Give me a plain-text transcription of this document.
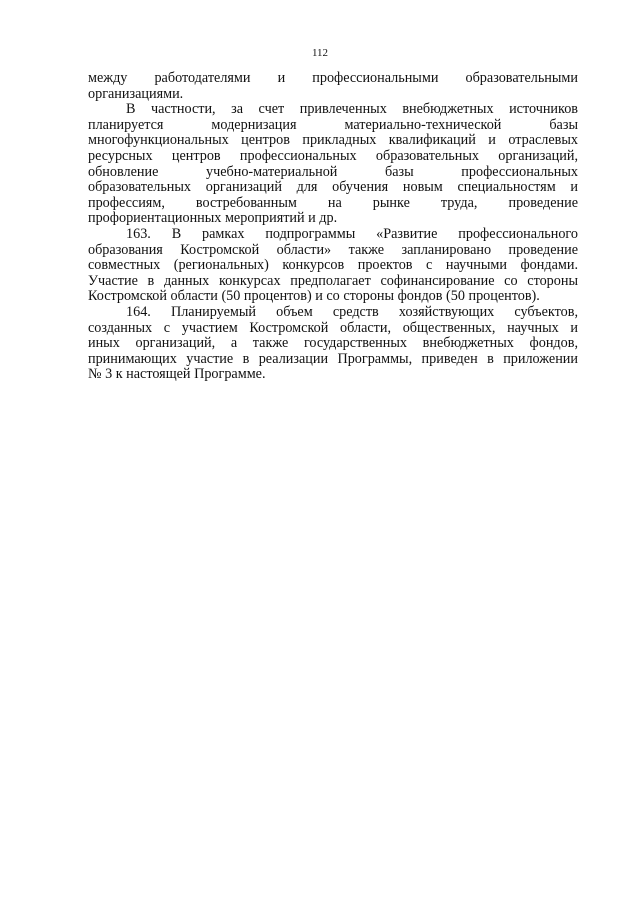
112
между работодателями и профессиональными образовательными
организациями.
В частности, за счет привлеченных внебюджетных источников
планируется модернизация материально-технической базы
многофункциональных центров прикладных квалификаций и отраслевых
ресурсных центров профессиональных образовательных организаций,
обновление учебно-материальной базы профессиональных
образовательных организаций для обучения новым специальностям и
профессиям, востребованным на рынке труда, проведение
профориентационных мероприятий и др.
163. В рамках подпрограммы «Развитие профессионального
образования Костромской области» также запланировано проведение
совместных (региональных) конкурсов проектов с научными фондами.
Участие в данных конкурсах предполагает софинансирование со стороны
Костромской области (50 процентов) и со стороны фондов (50 процентов).
164. Планируемый объем средств хозяйствующих субъектов,
созданных с участием Костромской области, общественных, научных и
иных организаций, а также государственных внебюджетных фондов,
принимающих участие в реализации Программы, приведен в приложении
№ 3 к настоящей Программе.
